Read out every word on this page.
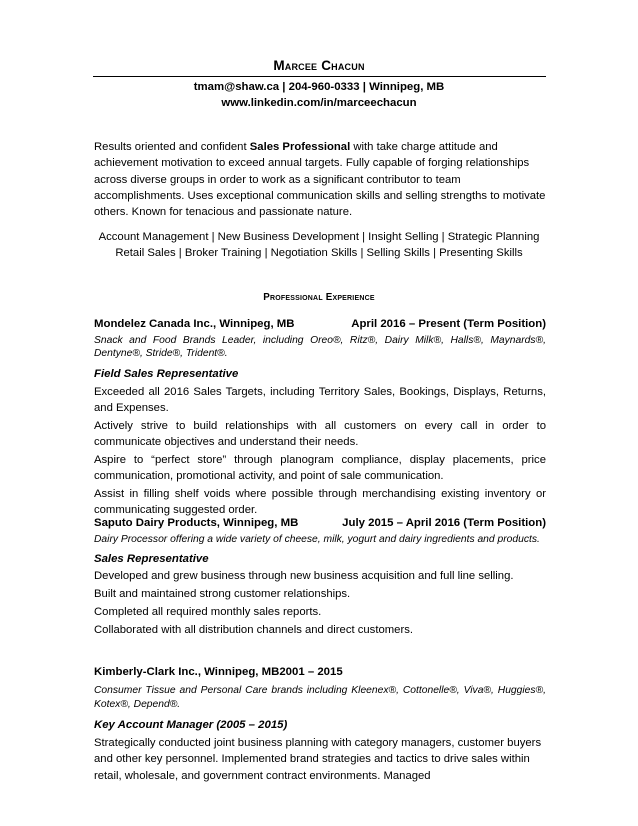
Marcee Chacun
tmam@shaw.ca | 204-960-0333 | Winnipeg, MB
www.linkedin.com/in/marceechacun
Results oriented and confident Sales Professional with take charge attitude and achievement motivation to exceed annual targets. Fully capable of forging relationships across diverse groups in order to work as a significant contributor to team accomplishments. Uses exceptional communication skills and selling strengths to motivate others. Known for tenacious and passionate nature.
Account Management | New Business Development | Insight Selling | Strategic Planning
Retail Sales | Broker Training | Negotiation Skills | Selling Skills | Presenting Skills
Professional Experience
Mondelez Canada Inc., Winnipeg, MB	April 2016 – Present (Term Position)
Snack and Food Brands Leader, including Oreo®, Ritz®, Dairy Milk®, Halls®, Maynards®, Dentyne®, Stride®, Trident®.
Field Sales Representative
Exceeded all 2016 Sales Targets, including Territory Sales, Bookings, Displays, Returns, and Expenses.
Actively strive to build relationships with all customers on every call in order to communicate objectives and understand their needs.
Aspire to “perfect store” through planogram compliance, display placements, price communication, promotional activity, and point of sale communication.
Assist in filling shelf voids where possible through merchandising existing inventory or communicating suggested order.
Saputo Dairy Products, Winnipeg, MB	July 2015 – April 2016 (Term Position)
Dairy Processor offering a wide variety of cheese, milk, yogurt and dairy ingredients and products.
Sales Representative
Developed and grew business through new business acquisition and full line selling.
Built and maintained strong customer relationships.
Completed all required monthly sales reports.
Collaborated with all distribution channels and direct customers.
Kimberly-Clark Inc., Winnipeg, MB2001 – 2015
Consumer Tissue and Personal Care brands including Kleenex®, Cottonelle®, Viva®, Huggies®, Kotex®, Depend®.
Key Account Manager (2005 – 2015)
Strategically conducted joint business planning with category managers, customer buyers and other key personnel. Implemented brand strategies and tactics to drive sales within retail, wholesale, and government contract environments. Managed
